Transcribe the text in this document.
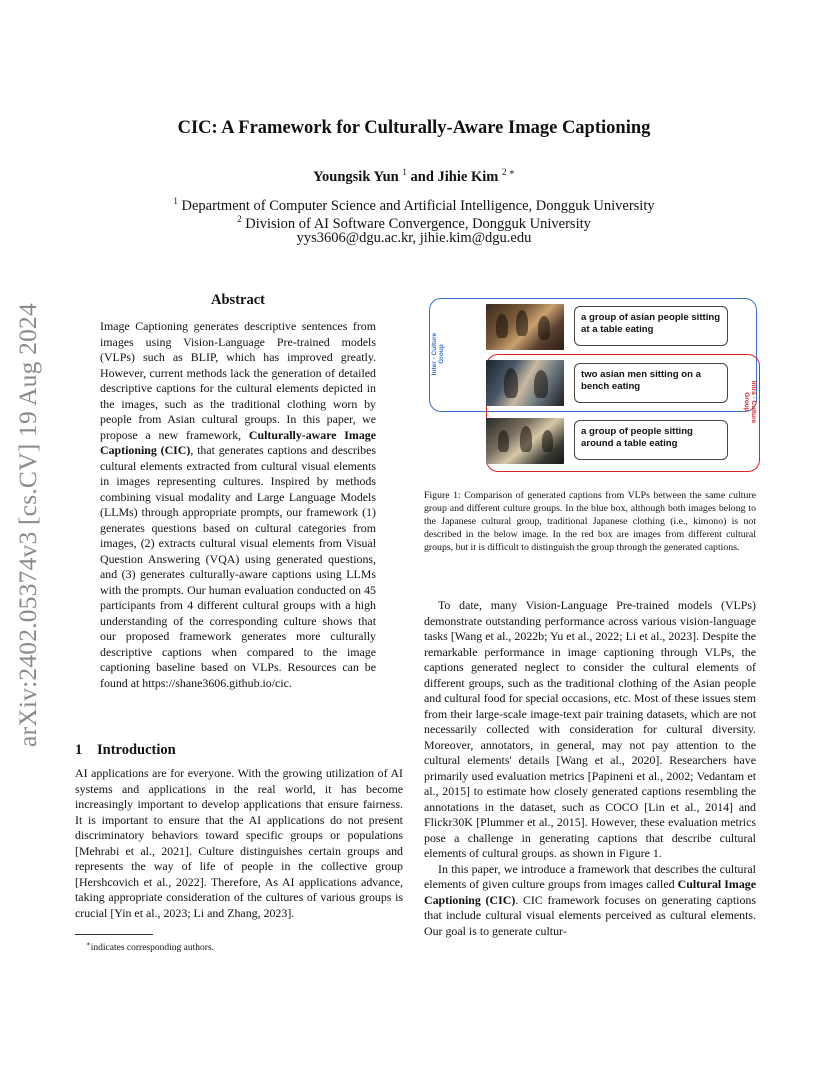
arXiv:2402.05374v3 [cs.CV] 19 Aug 2024
CIC: A Framework for Culturally-Aware Image Captioning
Youngsik Yun $^1$ and Jihie Kim $^{2 ∗}$
$^1$ Department of Computer Science and Artificial Intelligence, Dongguk University
$^2$ Division of AI Software Convergence, Dongguk University
yys3606@dgu.ac.kr, jihie.kim@dgu.edu
Abstract

Image Captioning generates descriptive sentences from images using Vision-Language Pre-trained models (VLPs) such as BLIP, which has improved greatly. However, current methods lack the generation of detailed descriptive captions for the cultural elements depicted in the images, such as the traditional clothing worn by people from Asian cultural groups. In this paper, we propose a new framework, Culturally-aware Image Captioning (CIC), that generates captions and describes cultural elements extracted from cultural visual elements in images representing cultures. Inspired by methods combining visual modality and Large Language Models (LLMs) through appropriate prompts, our framework (1) generates questions based on cultural categories from images, (2) extracts cultural visual elements from Visual Question Answering (VQA) using generated questions, and (3) generates culturally-aware captions using LLMs with the prompts. Our human evaluation conducted on 45 participants from 4 different cultural groups with a high understanding of the corresponding culture shows that our proposed framework generates more culturally descriptive captions when compared to the image captioning baseline based on VLPs. Resources can be found at https://shane3606.github.io/cic.

1 Introduction

AI applications are for everyone. With the growing utilization of AI systems and applications in the real world, it has become increasingly important to develop applications that ensure fairness. It is important to ensure that the AI applications do not present discriminatory behaviors toward specific groups or populations [Mehrabi et al., 2021]. Culture distinguishes certain groups and represents the way of life of people in the collective group [Hershcovich et al., 2022]. Therefore, As AI applications advance, taking appropriate consideration of the cultures of various groups is crucial [Yin et al., 2023; Li and Zhang, 2023].

∗indicates corresponding authors.
Inter - Culture Group
Intra - Culture
Group
a group of asian people sitting at a table eating
two asian men sitting on a bench eating
a group of people sitting around a table eating
Figure 1: Comparison of generated captions from VLPs between the same culture group and different culture groups. In the blue box, although both images belong to the Japanese cultural group, traditional Japanese clothing (i.e., kimono) is not described in the below image. In the red box are images from different cultural groups, but it is difficult to distinguish the group through the generated captions.

To date, many Vision-Language Pre-trained models (VLPs) demonstrate outstanding performance across various vision-language tasks [Wang et al., 2022b; Yu et al., 2022; Li et al., 2023]. Despite the remarkable performance in image captioning through VLPs, the captions generated neglect to consider the cultural elements of different groups, such as the traditional clothing of the Asian people and cultural food for special occasions, etc. Most of these issues stem from their large-scale image-text pair training datasets, which are not necessarily collected with consideration for cultural diversity. Moreover, annotators, in general, may not pay attention to the cultural elements' details [Wang et al., 2020]. Researchers have primarily used evaluation metrics [Papineni et al., 2002; Vedantam et al., 2015] to estimate how closely generated captions resembling the annotations in the dataset, such as COCO [Lin et al., 2014] and Flickr30K [Plummer et al., 2015]. However, these evaluation metrics pose a challenge in generating captions that describe cultural elements of cultural groups. as shown in Figure 1.

In this paper, we introduce a framework that describes the cultural elements of given culture groups from images called Cultural Image Captioning (CIC). CIC framework focuses on generating captions that include cultural visual elements perceived as cultural elements. Our goal is to generate cultur-
